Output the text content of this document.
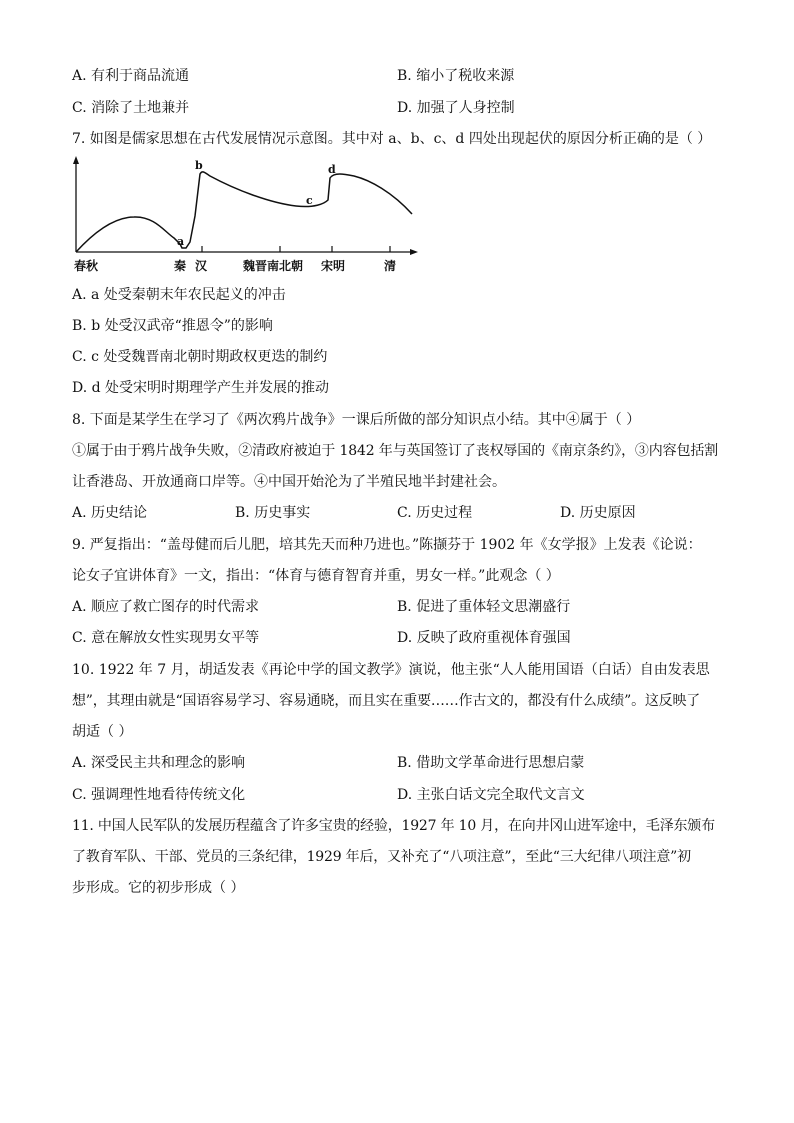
A. 有利于商品流通	B. 缩小了税收来源
C. 消除了土地兼并	D. 加强了人身控制
7. 如图是儒家思想在古代发展情况示意图。其中对 a、b、c、d 四处出现起伏的原因分析正确的是（ ）
a
b
c
d
春秋	秦 汉	魏晋南北朝 宋明	清
A. a 处受秦朝末年农民起义的冲击
B. b 处受汉武帝“推恩令”的影响
C. c 处受魏晋南北朝时期政权更迭的制约
D. d 处受宋明时期理学产生并发展的推动
8. 下面是某学生在学习了《两次鸦片战争》一课后所做的部分知识点小结。其中④属于（ ）
①属于由于鸦片战争失败，②清政府被迫于 1842 年与英国签订了丧权辱国的《南京条约》，③内容包括割
让香港岛、开放通商口岸等。④中国开始沦为了半殖民地半封建社会。
A. 历史结论	B. 历史事实	C. 历史过程	D. 历史原因
9. 严复指出：“盖母健而后儿肥，培其先天而种乃进也。”陈撷芬于 1902 年《女学报》上发表《论说：
论女子宜讲体育》一文，指出：“体育与德育智育并重，男女一样。”此观念（ ）
A. 顺应了救亡图存的时代需求	B. 促进了重体轻文思潮盛行
C. 意在解放女性实现男女平等	D. 反映了政府重视体育强国
10. 1922 年 7 月，胡适发表《再论中学的国文教学》演说，他主张“人人能用国语（白话）自由发表思
想”，其理由就是“国语容易学习、容易通晓，而且实在重要……作古文的，都没有什么成绩”。这反映了
胡适（ ）
A. 深受民主共和理念的影响	B. 借助文学革命进行思想启蒙
C. 强调理性地看待传统文化	D. 主张白话文完全取代文言文
11. 中国人民军队的发展历程蕴含了许多宝贵的经验，1927 年 10 月，在向井冈山进军途中，毛泽东颁布
了教育军队、干部、党员的三条纪律，1929 年后，又补充了“八项注意”，至此“三大纪律八项注意”初
步形成。它的初步形成（ ）
